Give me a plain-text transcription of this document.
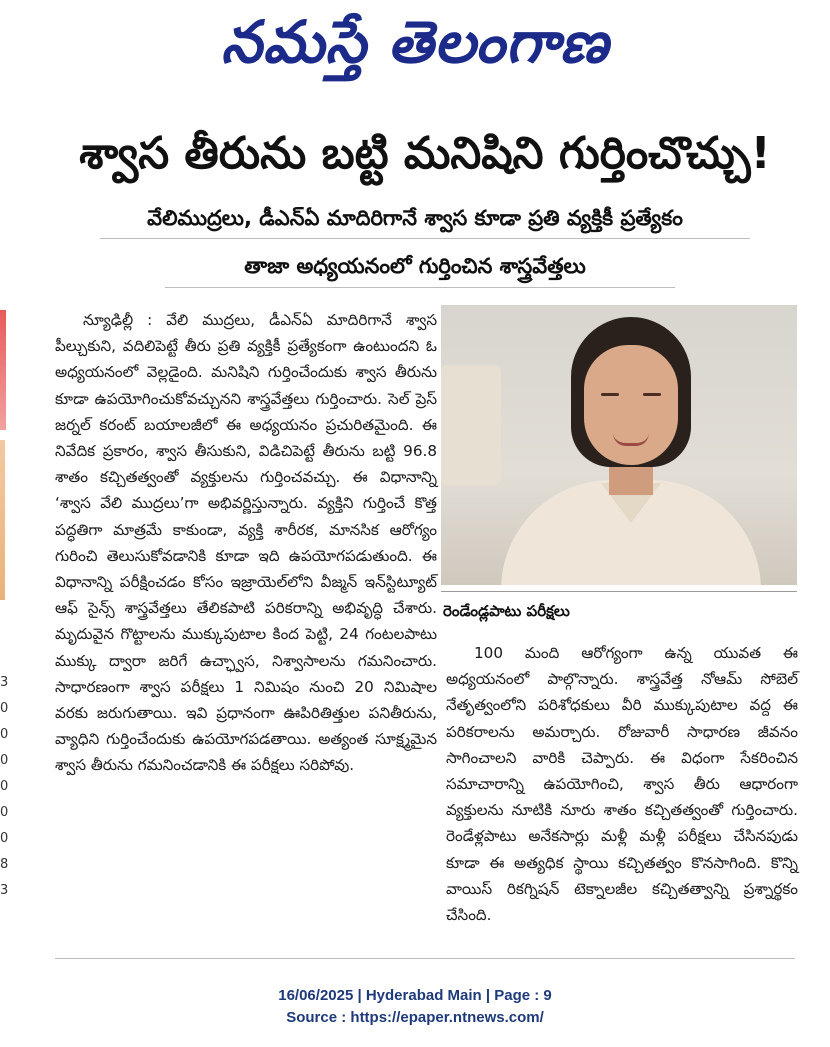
నమస్తే తెలంగాణ
శ్వాస తీరును బట్టి మనిషిని గుర్తించొచ్చు!
వేలిముద్రలు, డీఎన్ఏ మాదిరిగానే శ్వాస కూడా ప్రతి వ్యక్తికీ ప్రత్యేకం
తాజా అధ్యయనంలో గుర్తించిన శాస్త్రవేత్తలు
3
0
0
0
0
0
0
8
3

న్యూఢిల్లీ : వేలి ముద్రలు, డీఎన్ఏ మాదిరిగానే శ్వాస పీల్చుకుని, వదిలిపెట్టే తీరు ప్రతి వ్యక్తికీ ప్రత్యేకంగా ఉంటుందని ఓ అధ్యయనంలో వెల్లడైంది. మనిషిని గుర్తించేందుకు శ్వాస తీరును కూడా ఉపయోగించుకోవచ్చునని శాస్త్రవేత్తలు గుర్తించారు. సెల్ ప్రెస్ జర్నల్ కరంట్ బయాలజీలో ఈ అధ్యయనం ప్రచురితమైంది. ఈ నివేదిక ప్రకారం, శ్వాస తీసుకుని, విడిచిపెట్టే తీరును బట్టి 96.8 శాతం కచ్చితత్వంతో వ్యక్తులను గుర్తించవచ్చు. ఈ విధానాన్ని ‘శ్వాస వేలి ముద్రలు’గా అభివర్ణిస్తున్నారు. వ్యక్తిని గుర్తించే కొత్త పద్ధతిగా మాత్రమే కాకుండా, వ్యక్తి శారీరక, మానసిక ఆరోగ్యం గురించి తెలుసుకోవడానికి కూడా ఇది ఉపయోగపడుతుంది. ఈ విధానాన్ని పరీక్షించడం కోసం ఇజ్రాయెల్‌లోని వీజ్మన్ ఇన్‌స్టిట్యూట్ ఆఫ్ సైన్స్ శాస్త్రవేత్తలు తేలికపాటి పరికరాన్ని అభివృద్ధి చేశారు. మృదువైన గొట్టాలను ముక్కుపుటాల కింద పెట్టి, 24 గంటలపాటు ముక్కు ద్వారా జరిగే ఉచ్ఛ్వాస, నిశ్వాసాలను గమనించారు. సాధారణంగా శ్వాస పరీక్షలు 1 నిమిషం నుంచి 20 నిమిషాల వరకు జరుగుతాయి. ఇవి ప్రధానంగా ఊపిరితిత్తుల పనితీరును, వ్యాధిని గుర్తించేందుకు ఉపయోగపడతాయి. అత్యంత సూక్ష్మమైన శ్వాస తీరును గమనించడానికి ఈ పరీక్షలు సరిపోవు.

రెండేండ్లపాటు పరీక్షలు

100 మంది ఆరోగ్యంగా ఉన్న యువత ఈ అధ్యయనంలో పాల్గొన్నారు. శాస్త్రవేత్త నోఆమ్ సోబెల్ నేతృత్వంలోని పరిశోధకులు వీరి ముక్కుపుటాల వద్ద ఈ పరికరాలను అమర్చారు. రోజువారీ సాధారణ జీవనం సాగించాలని వారికి చెప్పారు. ఈ విధంగా సేకరించిన సమాచారాన్ని ఉపయోగించి, శ్వాస తీరు ఆధారంగా వ్యక్తులను నూటికి నూరు శాతం కచ్చితత్వంతో గుర్తించారు. రెండేళ్లపాటు అనేకసార్లు మళ్లీ మళ్లీ పరీక్షలు చేసినపుడు కూడా ఈ అత్యధిక స్థాయి కచ్చితత్వం కొనసాగింది. కొన్ని వాయిస్ రికగ్నిషన్ టెక్నాలజీల కచ్చితత్వాన్ని ప్రశ్నార్థకం చేసింది.

16/06/2025 | Hyderabad Main | Page : 9
Source : https://epaper.ntnews.com/
